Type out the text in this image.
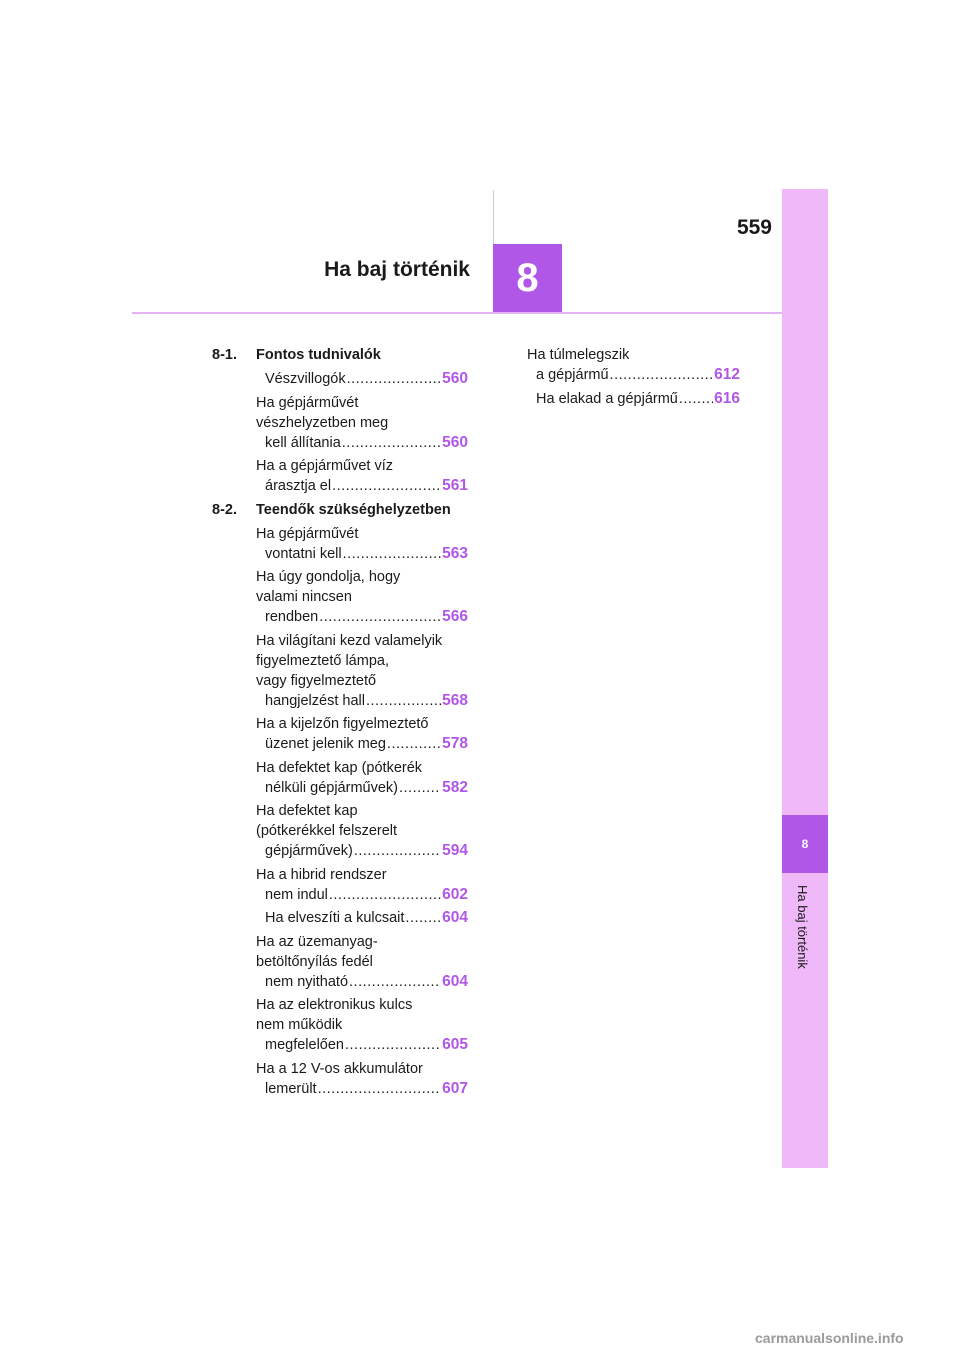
559
Ha baj történik 8
8
Ha baj történik
8-1.	Fontos tudnivalók
Vészvillogók .....	560
Ha gépjárművét
vészhelyzetben meg
kell állítania .....	560
Ha a gépjárművet víz
árasztja el .....	561
8-2.	Teendők szükséghelyzetben
Ha gépjárművét
vontatni kell .....	563
Ha úgy gondolja, hogy
valami nincsen
rendben .....	566
Ha világítani kezd valamelyik
figyelmeztető lámpa,
vagy figyelmeztető
hangjelzést hall .....	568
Ha a kijelzőn figyelmeztető
üzenet jelenik meg .....	578
Ha defektet kap (pótkerék
nélküli gépjárművek) .....	582
Ha defektet kap
(pótkerékkel felszerelt
gépjárművek) .....	594
Ha a hibrid rendszer
nem indul .....	602
Ha elveszíti a kulcsait ..... 604
Ha az üzemanyag-
betöltőnyílás fedél
nem nyitható .....	604
Ha az elektronikus kulcs
nem működik
megfelelően .....	605
Ha a 12 V-os akkumulátor
lemerült .....	607
Ha túlmelegszik
a gépjármű .....	612
Ha elakad a gépjármű ..... 616
carmanualsonline.info
